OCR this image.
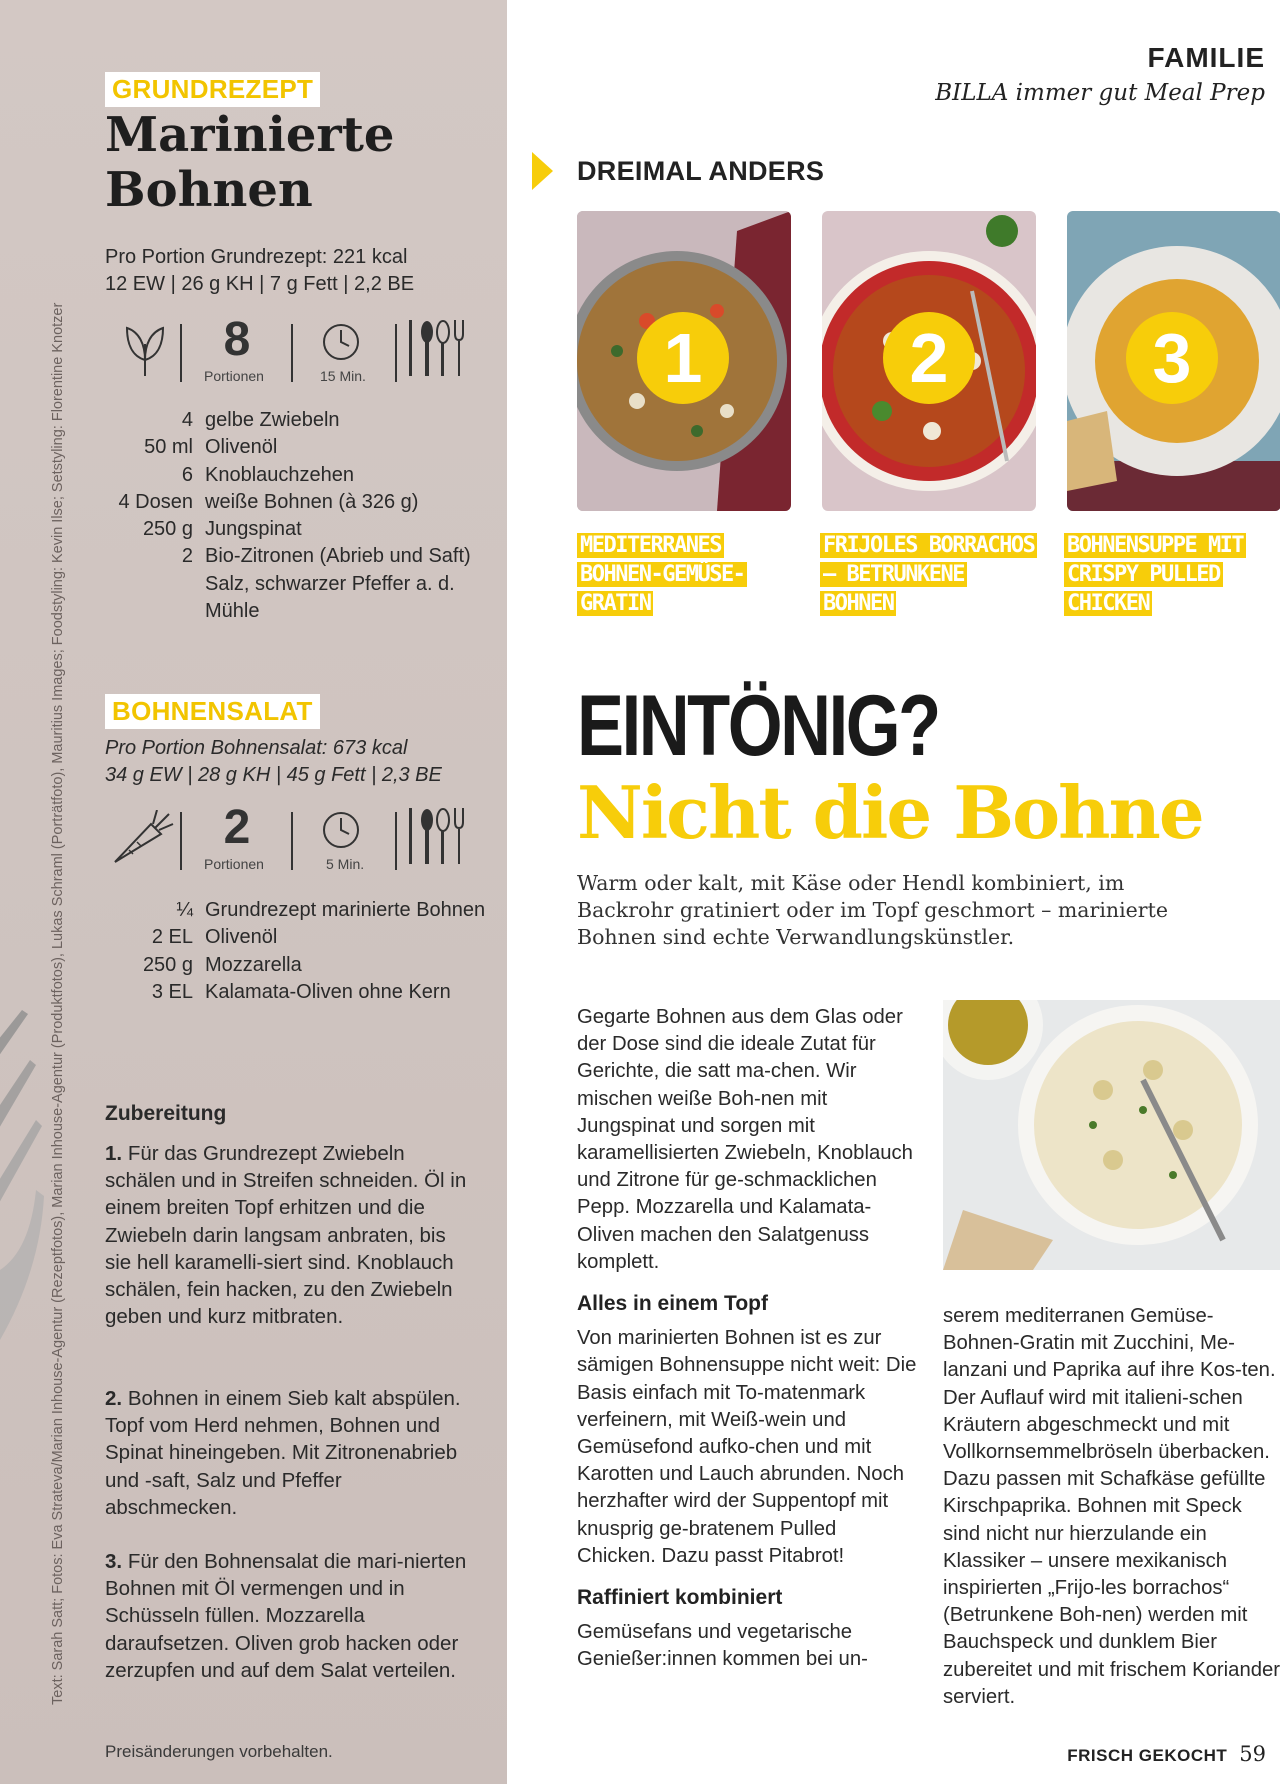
Text: Sarah Satt; Fotos: Eva Strateva/Marian Inhouse-Agentur (Rezeptfotos), Marian Inhouse-Agentur (Produktfotos), Lukas Schraml (Porträtfoto), Mauritius Images; Foodstyling: Kevin Ilse; Setstyling: Florentine Knotzer
GRUNDREZEPT
Marinierte
Bohnen
Pro Portion Grundrezept: 221 kcal
12 EW | 26 g KH | 7 g Fett | 2,2 BE
8
Portionen	15 Min.
4 gelbe Zwiebeln
50 ml Olivenöl
6 Knoblauchzehen
4 Dosen weiße Bohnen (à 326 g)
250 g Jungspinat
2 Bio-Zitronen (Abrieb und Saft)
Salz, schwarzer Pfeffer a. d. Mühle
BOHNENSALAT
Pro Portion Bohnensalat: 673 kcal
34 g EW | 28 g KH | 45 g Fett | 2,3 BE
2
Portionen	5 Min.
¼ Grundrezept marinierte Bohnen
2 EL Olivenöl
250 g Mozzarella
3 EL Kalamata-Oliven ohne Kern
Zubereitung
1. Für das Grundrezept Zwiebeln schälen und in Streifen schneiden. Öl in einem breiten Topf erhitzen und die Zwiebeln darin langsam anbraten, bis sie hell karamelli-siert sind. Knoblauch schälen, fein hacken, zu den Zwiebeln geben und kurz mitbraten.
2. Bohnen in einem Sieb kalt abspülen. Topf vom Herd nehmen, Bohnen und Spinat hineingeben. Mit Zitronenabrieb und -saft, Salz und Pfeffer abschmecken.
3. Für den Bohnensalat die mari-nierten Bohnen mit Öl vermengen und in Schüsseln füllen. Mozzarella daraufsetzen. Oliven grob hacken oder zerzupfen und auf dem Salat verteilen.
Preisänderungen vorbehalten.
FAMILIE
BILLA immer gut Meal Prep
DREIMAL ANDERS
1	2	3
MEDITERRANES BOHNEN-GEMÜSE-GRATIN
FRIJOLES BORRACHOS – BETRUNKENE BOHNEN
BOHNENSUPPE MIT CRISPY PULLED CHICKEN
EINTÖNIG?
Nicht die Bohne
Warm oder kalt, mit Käse oder Hendl kombiniert, im Backrohr gratiniert oder im Topf geschmort – marinierte Bohnen sind echte Verwandlungskünstler.

Gegarte Bohnen aus dem Glas oder der Dose sind die ideale Zutat für Gerichte, die satt ma-chen. Wir mischen weiße Boh-nen mit Jungspinat und sorgen mit karamellisierten Zwiebeln, Knoblauch und Zitrone für ge-schmacklichen Pepp. Mozzarella und Kalamata-Oliven machen den Salatgenuss komplett.

Alles in einem Topf

Von marinierten Bohnen ist es zur sämigen Bohnensuppe nicht weit: Die Basis einfach mit To-matenmark verfeinern, mit Weiß-wein und Gemüsefond aufko-chen und mit Karotten und Lauch abrunden. Noch herzhafter wird der Suppentopf mit knusprig ge-bratenem Pulled Chicken. Dazu passt Pitabrot!

Raffiniert kombiniert

Gemüsefans und vegetarische Genießer:innen kommen bei un-

serem mediterranen Gemüse-Bohnen-Gratin mit Zucchini, Me-lanzani und Paprika auf ihre Kos-ten. Der Auflauf wird mit italieni-schen Kräutern abgeschmeckt und mit Vollkornsemmelbröseln überbacken. Dazu passen mit Schafkäse gefüllte Kirschpaprika. Bohnen mit Speck sind nicht nur hierzulande ein Klassiker – unsere mexikanisch inspirierten „Frijo-les borrachos“ (Betrunkene Boh-nen) werden mit Bauchspeck und dunklem Bier zubereitet und mit frischem Koriander serviert.

FRISCH GEKOCHT 59
